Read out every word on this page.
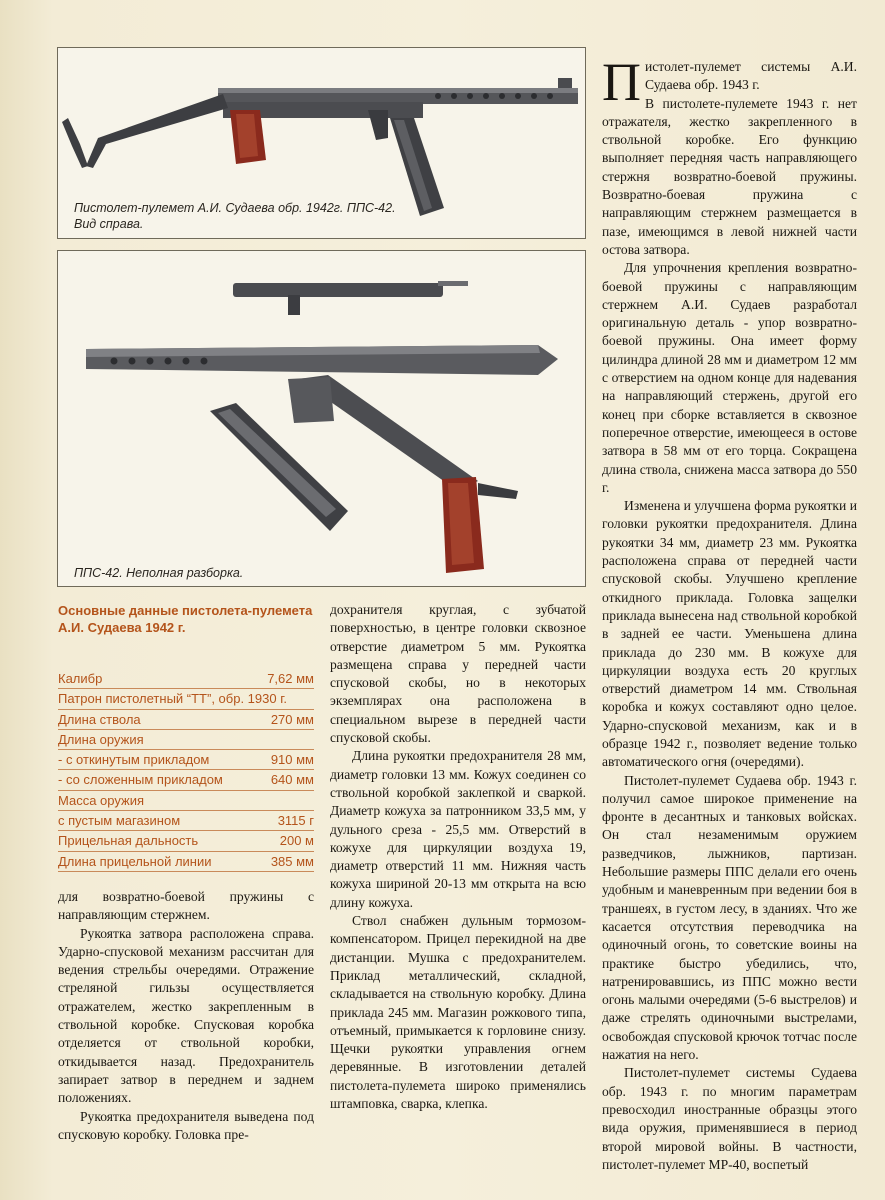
Пистолет-пулемет А.И. Судаева обр. 1942г. ППС-42.
Вид справа.

ППС-42. Неполная разборка.

Основные данные пистолета-пулемета
А.И. Судаева 1942 г.

Калибр	7,62 мм
Патрон пистолетный “ТТ”, обр. 1930 г.
Длина ствола	270 мм
Длина оружия
- с откинутым прикладом	910 мм
- со сложенным прикладом	640 мм
Масса оружия
с пустым магазином	3115 г
Прицельная дальность	200 м
Длина прицельной линии	385 мм

для возвратно-боевой пружины с направляющим стержнем.

Рукоятка затвора расположена справа. Ударно-спусковой механизм рассчитан для ведения стрельбы очередями. Отражение стреляной гильзы осуществляется отражателем, жестко закрепленным в ствольной коробке. Спусковая коробка отделяется от ствольной коробки, откидывается назад. Предохранитель запирает затвор в переднем и заднем положениях.

Рукоятка предохранителя выведена под спусковую коробку. Головка пре-

дохранителя круглая, с зубчатой поверхностью, в центре головки сквозное отверстие диаметром 5 мм. Рукоятка размещена справа у передней части спусковой скобы, но в некоторых экземплярах она расположена в специальном вырезе в передней части спусковой скобы.

Длина рукоятки предохранителя 28 мм, диаметр головки 13 мм. Кожух соединен со ствольной коробкой заклепкой и сваркой. Диаметр кожуха за патронником 33,5 мм, у дульного среза - 25,5 мм. Отверстий в кожухе для циркуляции воздуха 19, диаметр отверстий 11 мм. Нижняя часть кожуха шириной 20-13 мм открыта на всю длину кожуха.

Ствол снабжен дульным тормозом-компенсатором. Прицел перекидной на две дистанции. Мушка с предохранителем. Приклад металлический, складной, складывается на ствольную коробку. Длина приклада 245 мм. Магазин рожкового типа, отъемный, примыкается к горловине снизу. Щечки рукоятки управления огнем деревянные. В изготовлении деталей пистолета-пулемета широко применялись штамповка, сварка, клепка.

Пистолет-пулемет системы А.И. Судаева обр. 1943 г.

В пистолете-пулемете 1943 г. нет отражателя, жестко закрепленного в ствольной коробке. Его функцию выполняет передняя часть направляющего стержня возвратно-боевой пружины. Возвратно-боевая пружина с направляющим стержнем размещается в пазе, имеющимся в левой нижней части остова затвора.

Для упрочнения крепления возвратно-боевой пружины с направляющим стержнем А.И. Судаев разработал оригинальную деталь - упор возвратно-боевой пружины. Она имеет форму цилиндра длиной 28 мм и диаметром 12 мм с отверстием на одном конце для надевания на направляющий стержень, другой его конец при сборке вставляется в сквозное поперечное отверстие, имеющееся в остове затвора в 58 мм от его торца. Сокращена длина ствола, снижена масса затвора до 550 г.

Изменена и улучшена форма рукоятки и головки рукоятки предохранителя. Длина рукоятки 34 мм, диаметр 23 мм. Рукоятка расположена справа от передней части спусковой скобы. Улучшено крепление откидного приклада. Головка защелки приклада вынесена над ствольной коробкой в задней ее части. Уменьшена длина приклада до 230 мм. В кожухе для циркуляции воздуха есть 20 круглых отверстий диаметром 14 мм. Ствольная коробка и кожух составляют одно целое. Ударно-спусковой механизм, как и в образце 1942 г., позволяет ведение только автоматического огня (очередями).

Пистолет-пулемет Судаева обр. 1943 г. получил самое широкое применение на фронте в десантных и танковых войсках. Он стал незаменимым оружием разведчиков, лыжников, партизан. Небольшие размеры ППС делали его очень удобным и маневренным при ведении боя в траншеях, в густом лесу, в зданиях. Что же касается отсутствия переводчика на одиночный огонь, то советские воины на практике быстро убедились, что, натренировавшись, из ППС можно вести огонь малыми очередями (5-6 выстрелов) и даже стрелять одиночными выстрелами, освобождая спусковой крючок тотчас после нажатия на него.

Пистолет-пулемет системы Судаева обр. 1943 г. по многим параметрам превосходил иностранные образцы этого вида оружия, применявшиеся в период второй мировой войны. В частности, пистолет-пулемет МР-40, воспетый
